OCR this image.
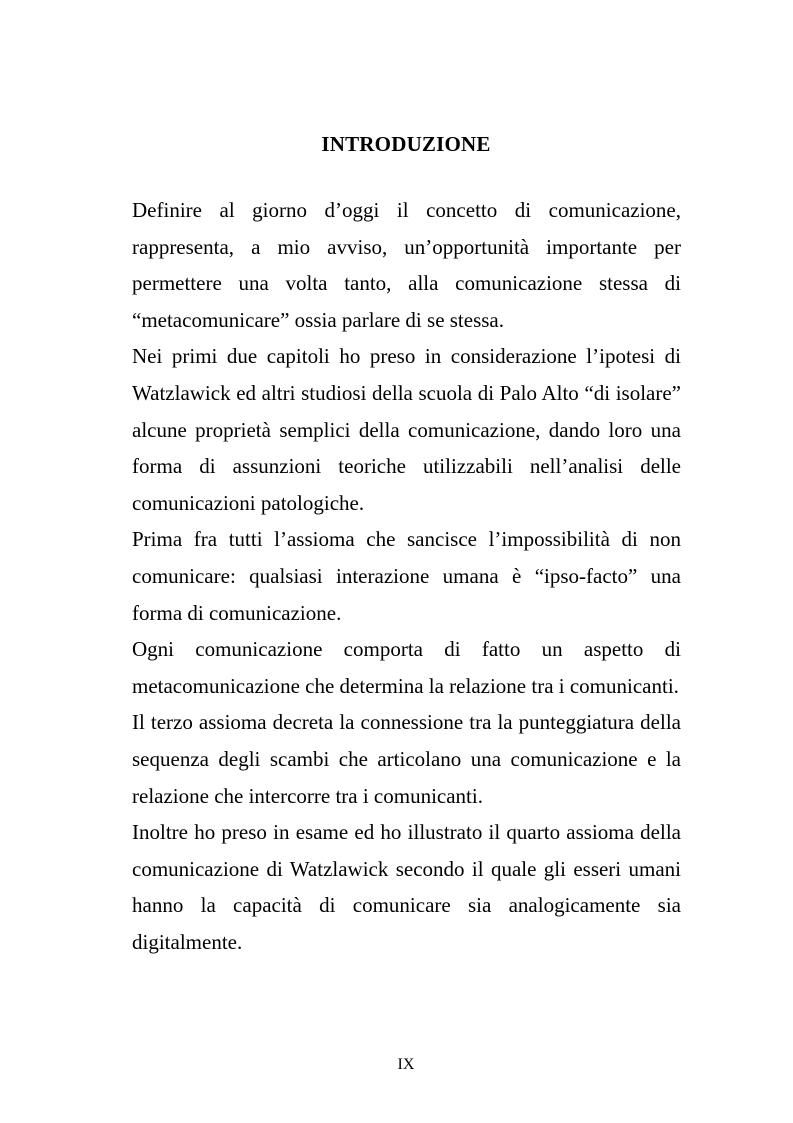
INTRODUZIONE

Definire al giorno d’oggi il concetto di comunicazione, rappresenta, a mio avviso, un’opportunità importante per permettere una volta tanto, alla comunicazione stessa di “metacomunicare” ossia parlare di se stessa.

Nei primi due capitoli ho preso in considerazione l’ipotesi di Watzlawick ed altri studiosi della scuola di Palo Alto “di isolare” alcune proprietà semplici della comunicazione, dando loro una forma di assunzioni teoriche utilizzabili nell’analisi delle comunicazioni patologiche.

Prima fra tutti l’assioma che sancisce l’impossibilità di non comunicare: qualsiasi interazione umana è “ipso-facto” una forma di comunicazione.

Ogni comunicazione comporta di fatto un aspetto di metacomunicazione che determina la relazione tra i comunicanti.

Il terzo assioma decreta la connessione tra la punteggiatura della sequenza degli scambi che articolano una comunicazione e la relazione che intercorre tra i comunicanti.

Inoltre ho preso in esame ed ho illustrato il quarto assioma della comunicazione di Watzlawick secondo il quale gli esseri umani hanno la capacità di comunicare sia analogicamente sia digitalmente.

IX
